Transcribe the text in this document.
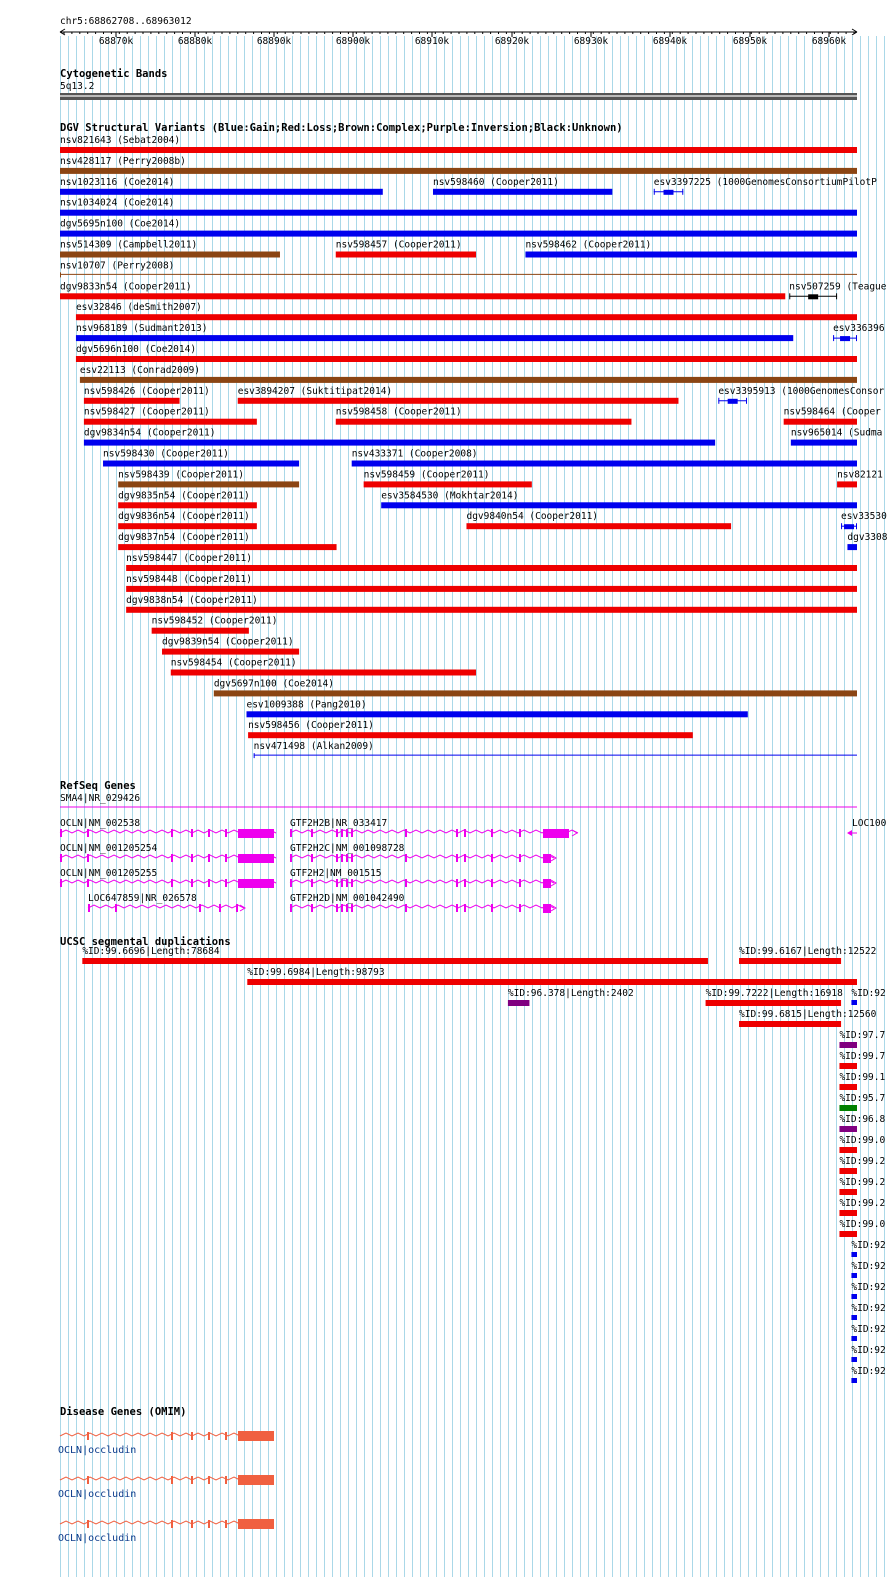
chr5:68862708..68963012
68870k	68880k	68890k	68900k	68910k	68920k	68930k	68940k	68950k	68960k
Cytogenetic Bands
5q13.2
DGV Structural Variants (Blue:Gain;Red:Loss;Brown:Complex;Purple:Inversion;Black:Unknown)
nsv821643 (Sebat2004)
nsv428117 (Perry2008b)
nsv1023116 (Coe2014)	nsv598460 (Cooper2011)	esv3397225 (1000GenomesConsortiumPilotP
nsv1034024 (Coe2014)
dgv5695n100 (Coe2014)
nsv514309 (Campbell2011)	nsv598457 (Cooper2011)	nsv598462 (Cooper2011)
nsv10707 (Perry2008)
dgv9833n54 (Cooper2011)	nsv507259 (Teague
esv32846 (deSmith2007)
nsv968189 (Sudmant2013)	esv336396
dgv5696n100 (Coe2014)
esv22113 (Conrad2009)
nsv598426 (Cooper2011)	esv3894207 (Suktitipat2014)	esv3395913 (1000GenomesConsor
nsv598427 (Cooper2011)	nsv598458 (Cooper2011)	nsv598464 (Cooper
dgv9834n54 (Cooper2011)	nsv965014 (Sudma
nsv598430 (Cooper2011)	nsv433371 (Cooper2008)
nsv598439 (Cooper2011)	nsv598459 (Cooper2011)	nsv82121
dgv9835n54 (Cooper2011)	esv3584530 (Mokhtar2014)
dgv9836n54 (Cooper2011)	dgv9840n54 (Cooper2011)	esv33530
dgv9837n54 (Cooper2011)	dgv3308
nsv598447 (Cooper2011)
nsv598448 (Cooper2011)
dgv9838n54 (Cooper2011)
nsv598452 (Cooper2011)
dgv9839n54 (Cooper2011)
nsv598454 (Cooper2011)
dgv5697n100 (Coe2014)
esv1009388 (Pang2010)
nsv598456 (Cooper2011)
nsv471498 (Alkan2009)
RefSeq Genes
SMA4|NR_029426
OCLN|NM_002538
OCLN|NM_001205254
OCLN|NM_001205255
LOC647859|NR_026578
GTF2H2B|NR_033417
GTF2H2C|NM_001098728
GTF2H2|NM_001515
GTF2H2D|NM_001042490
LOC100
UCSC segmental duplications
%ID:99.6696|Length:78684	%ID:99.6167|Length:12522
%ID:99.6984|Length:98793
%ID:96.378|Length:2402	%ID:99.7222|Length:16918 %ID:92
%ID:99.6815|Length:12560
%ID:97.7
%ID:99.7
%ID:99.1
%ID:95.7
%ID:96.8
%ID:99.0
%ID:99.2
%ID:99.2
%ID:99.2
%ID:99.0
%ID:92
%ID:92
%ID:92
%ID:92
%ID:92
%ID:92
%ID:92
Disease Genes (OMIM)
OCLN|occludin
OCLN|occludin
OCLN|occludin
